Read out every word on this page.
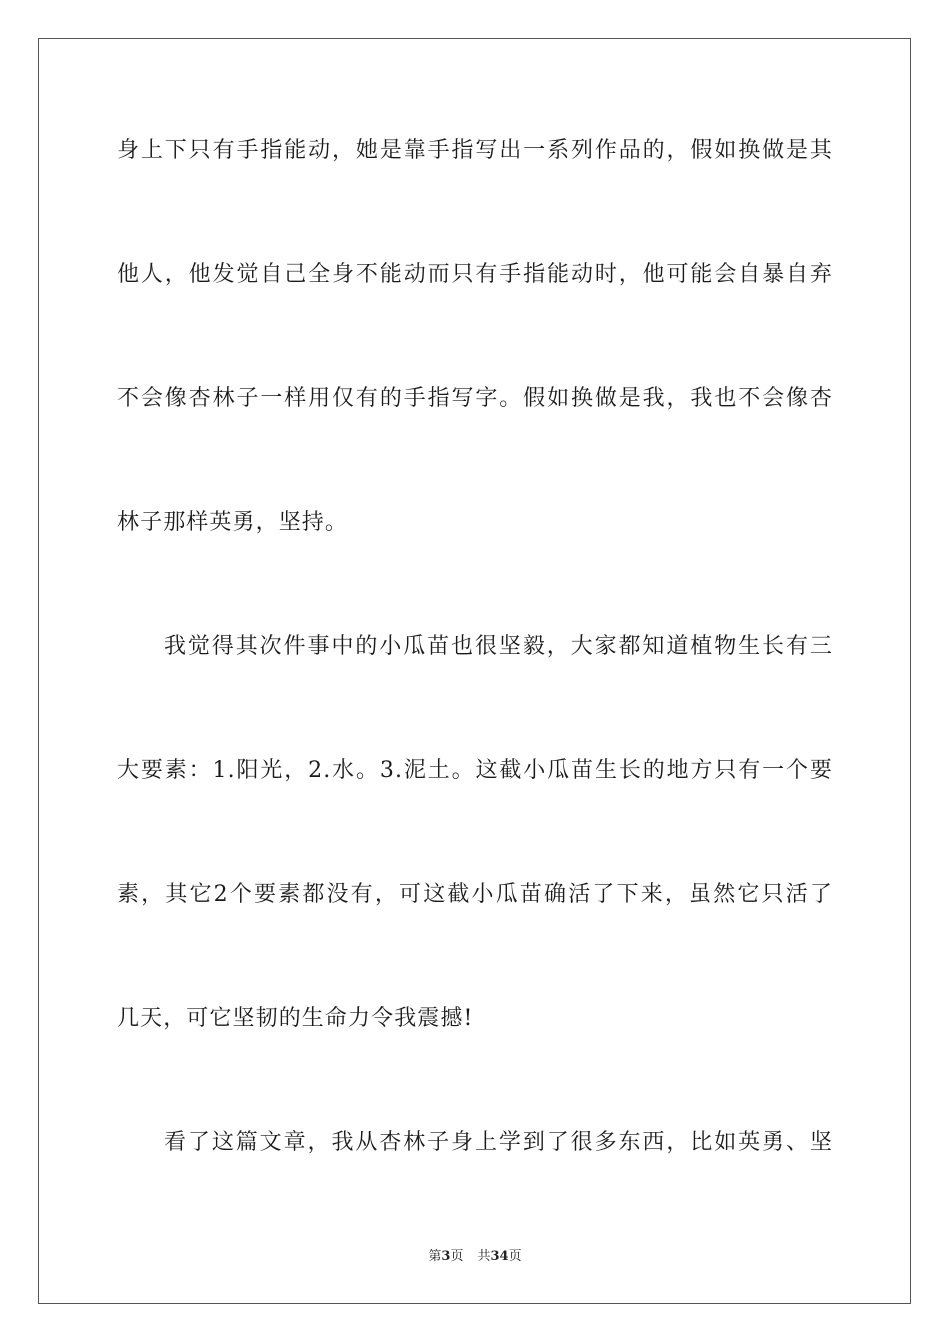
身上下只有手指能动，她是靠手指写出一系列作品的，假如换做是其
他人，他发觉自己全身不能动而只有手指能动时，他可能会自暴自弃
不会像杏林子一样用仅有的手指写字。假如换做是我，我也不会像杏
林子那样英勇，坚持。
我觉得其次件事中的小瓜苗也很坚毅，大家都知道植物生长有三
大要素：1.阳光，2.水。3.泥土。这截小瓜苗生长的地方只有一个要
素，其它2个要素都没有，可这截小瓜苗确活了下来，虽然它只活了
几天，可它坚韧的生命力令我震撼!
看了这篇文章，我从杏林子身上学到了很多东西，比如英勇、坚
第3页 共34页
